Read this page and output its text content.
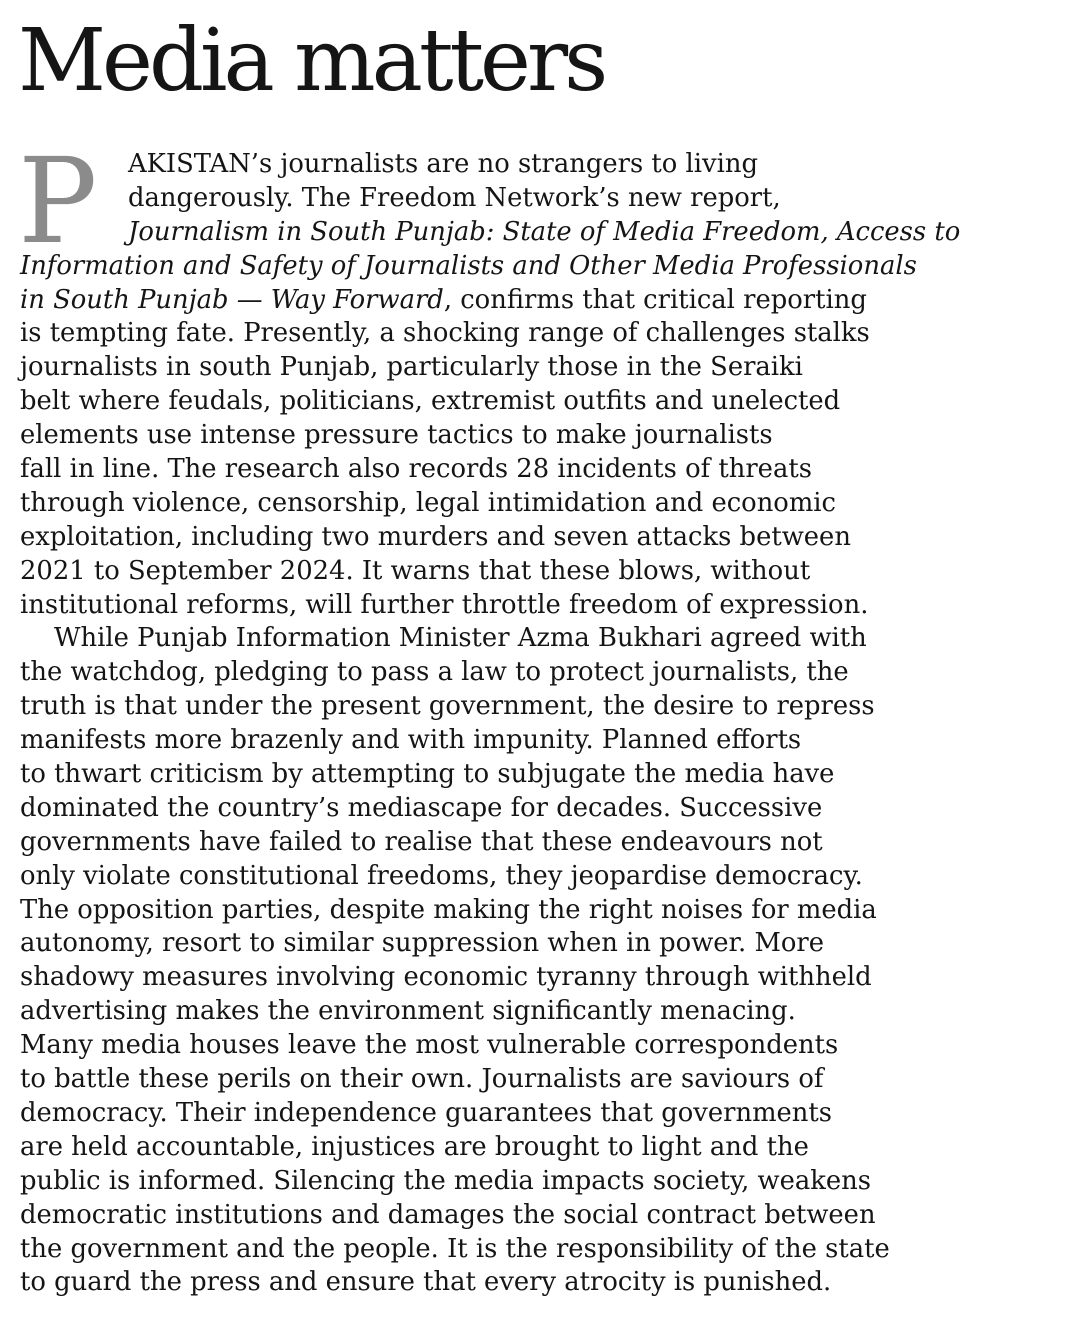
Media matters
P	AKISTAN’s journalists are no strangers to living
dangerously. The Freedom Network’s new report,
Journalism in South Punjab: State of Media Freedom, Access to
Information and Safety of Journalists and Other Media Professionals
in South Punjab — Way Forward, confirms that critical reporting
is tempting fate. Presently, a shocking range of challenges stalks
journalists in south Punjab, particularly those in the Seraiki
belt where feudals, politicians, extremist outfits and unelected
elements use intense pressure tactics to make journalists
fall in line. The research also records 28 incidents of threats
through violence, censorship, legal intimidation and economic
exploitation, including two murders and seven attacks between
2021 to September 2024. It warns that these blows, without
institutional reforms, will further throttle freedom of expression.
While Punjab Information Minister Azma Bukhari agreed with
the watchdog, pledging to pass a law to protect journalists, the
truth is that under the present government, the desire to repress
manifests more brazenly and with impunity. Planned efforts
to thwart criticism by attempting to subjugate the media have
dominated the country’s mediascape for decades. Successive
governments have failed to realise that these endeavours not
only violate constitutional freedoms, they jeopardise democracy.
The opposition parties, despite making the right noises for media
autonomy, resort to similar suppression when in power. More
shadowy measures involving economic tyranny through withheld
advertising makes the environment significantly menacing.
Many media houses leave the most vulnerable correspondents
to battle these perils on their own. Journalists are saviours of
democracy. Their independence guarantees that governments
are held accountable, injustices are brought to light and the
public is informed. Silencing the media impacts society, weakens
democratic institutions and damages the social contract between
the government and the people. It is the responsibility of the state
to guard the press and ensure that every atrocity is punished.
